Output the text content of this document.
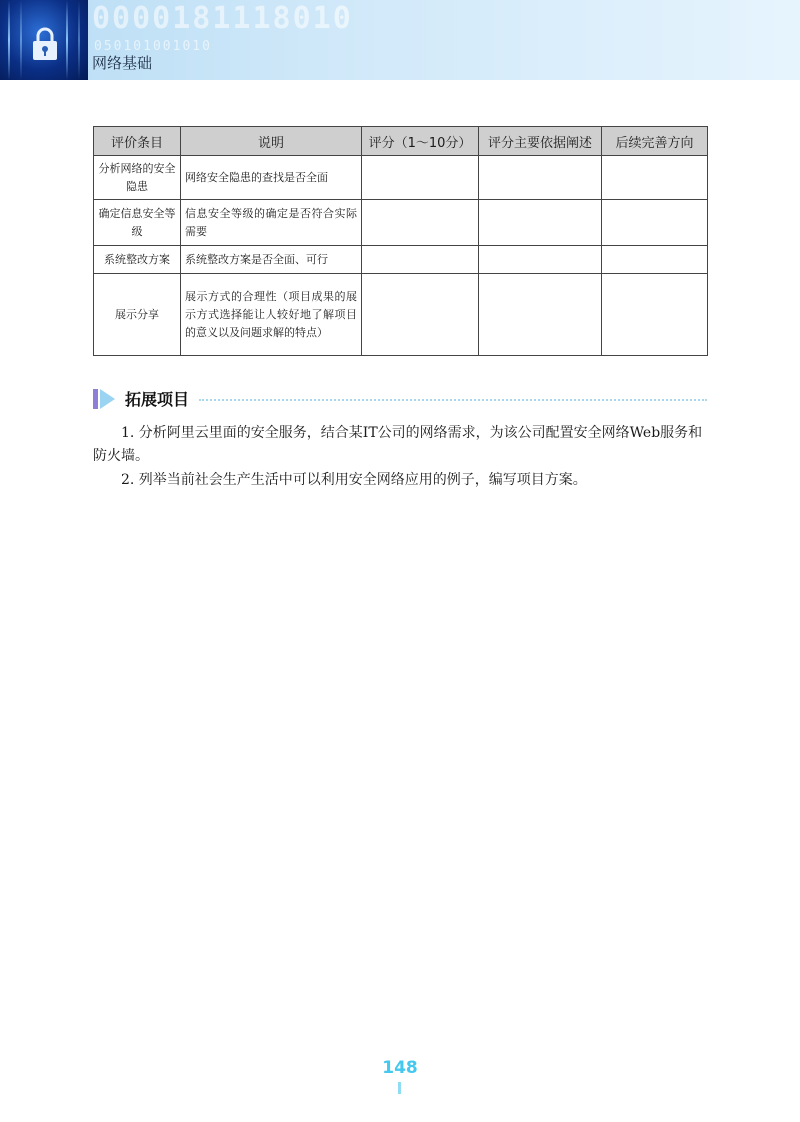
0000181118010
050101001010
网络基础
评价条目	说明	评分（1～10分）	评分主要依据阐述	后续完善方向
分析网络的安全隐患	网络安全隐患的查找是否全面			
确定信息安全等级	信息安全等级的确定是否符合实际需要			
系统整改方案	系统整改方案是否全面、可行			
展示分享	展示方式的合理性（项目成果的展示方式选择能让人较好地了解项目的意义以及问题求解的特点）			
拓展项目
1. 分析阿里云里面的安全服务，结合某IT公司的网络需求，为该公司配置安全网络Web服务和防火墙。
2. 列举当前社会生产生活中可以利用安全网络应用的例子，编写项目方案。
148
